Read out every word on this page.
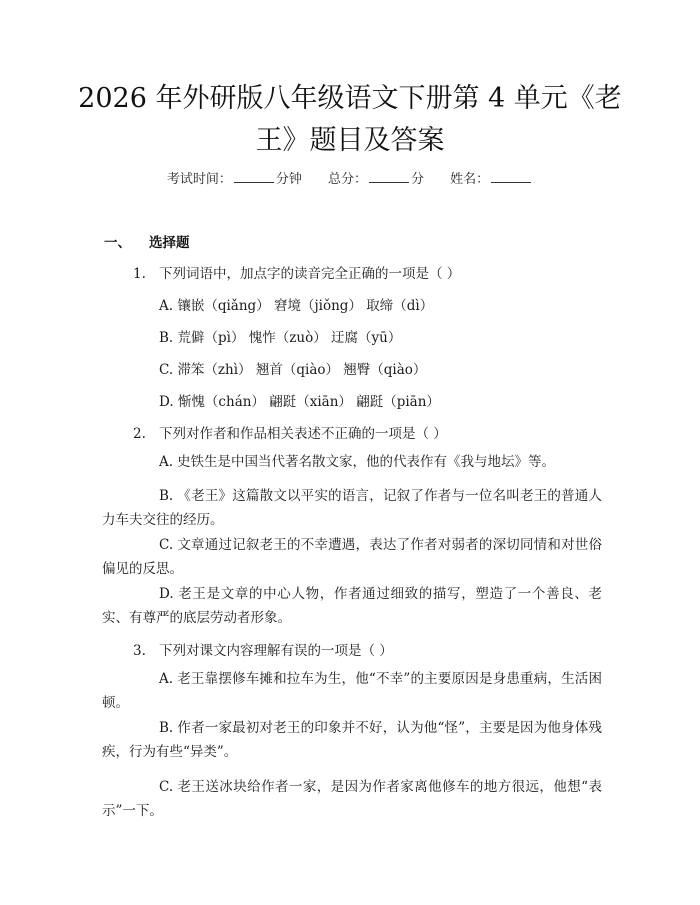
2026 年外研版八年级语文下册第 4 单元《老
王》题目及答案
考试时间：	分钟 总分：	分 姓名：
一、 选择题
1. 下列词语中，加点字的读音完全正确的一项是（ ）
A. 镶嵌（qiǎng） 窘境（jiǒng） 取缔（dì）
B. 荒僻（pì） 愧怍（zuò） 迂腐（yū）
C. 滞笨（zhì） 翘首（qiào） 翘臀（qiào）
D. 惭愧（chán） 翩跹（xiān） 翩跹（piān）
2. 下列对作者和作品相关表述不正确的一项是（ ）
A. 史铁生是中国当代著名散文家，他的代表作有《我与地坛》等。
B. 《老王》这篇散文以平实的语言，记叙了作者与一位名叫老王的普通人力车夫交往的经历。
C. 文章通过记叙老王的不幸遭遇，表达了作者对弱者的深切同情和对世俗偏见的反思。
D. 老王是文章的中心人物，作者通过细致的描写，塑造了一个善良、老实、有尊严的底层劳动者形象。
3. 下列对课文内容理解有误的一项是（ ）
A. 老王靠摆修车摊和拉车为生，他“不幸”的主要原因是身患重病，生活困顿。
B. 作者一家最初对老王的印象并不好，认为他“怪”，主要是因为他身体残疾，行为有些“异类”。
C. 老王送冰块给作者一家，是因为作者家离他修车的地方很远，他想“表示”一下。
